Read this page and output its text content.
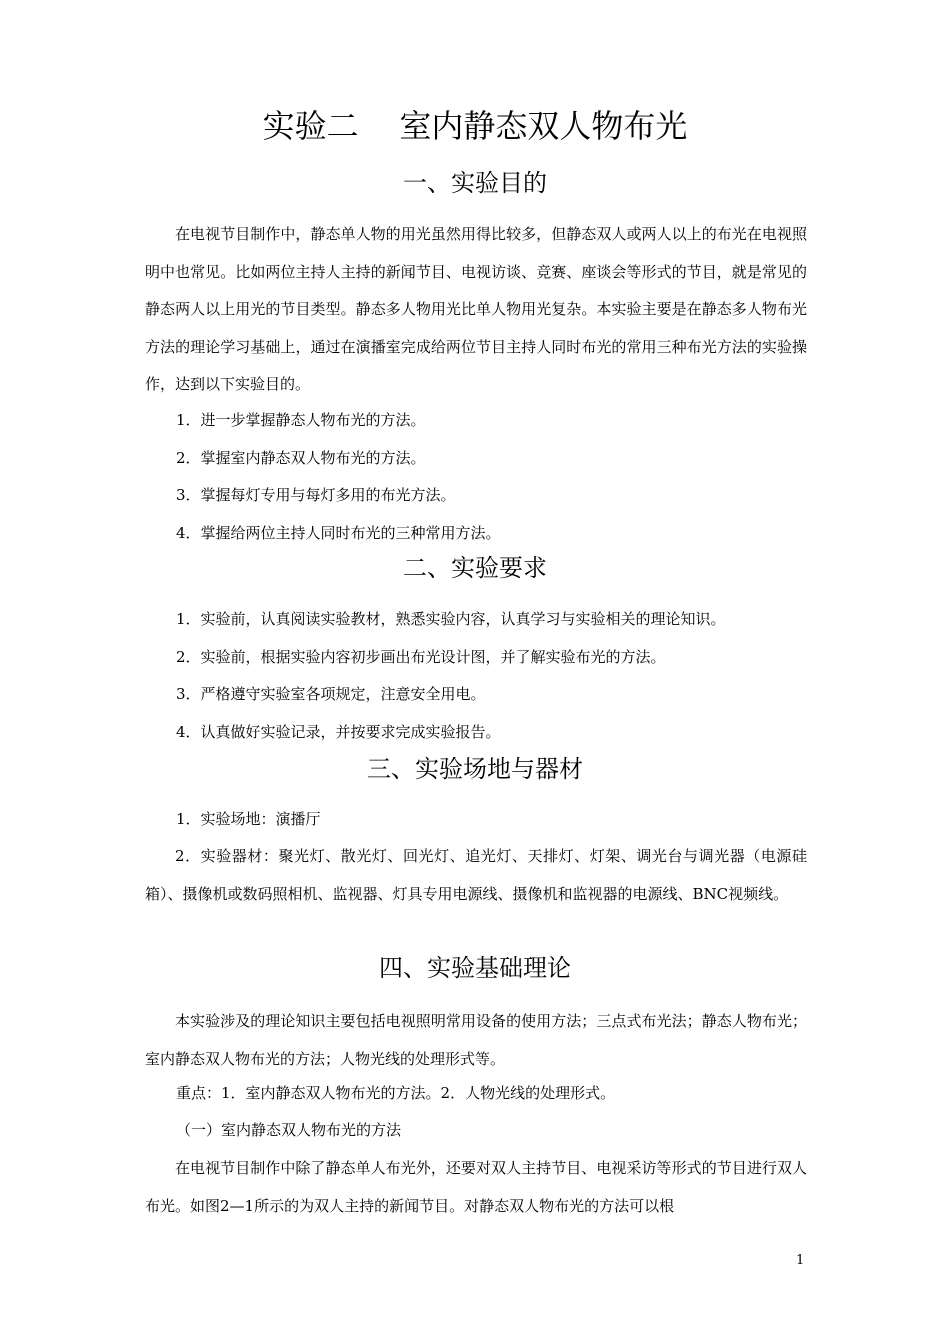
实验二    室内静态双人物布光
一、实验目的

在电视节目制作中，静态单人物的用光虽然用得比较多，但静态双人或两人以上的布光在电视照明中也常见。比如两位主持人主持的新闻节目、电视访谈、竞赛、座谈会等形式的节目，就是常见的静态两人以上用光的节目类型。静态多人物用光比单人物用光复杂。本实验主要是在静态多人物布光方法的理论学习基础上，通过在演播室完成给两位节目主持人同时布光的常用三种布光方法的实验操作，达到以下实验目的。

1．进一步掌握静态人物布光的方法。

2．掌握室内静态双人物布光的方法。

3．掌握每灯专用与每灯多用的布光方法。

4．掌握给两位主持人同时布光的三种常用方法。

二、实验要求

1．实验前，认真阅读实验教材，熟悉实验内容，认真学习与实验相关的理论知识。

2．实验前，根据实验内容初步画出布光设计图，并了解实验布光的方法。

3．严格遵守实验室各项规定，注意安全用电。

4．认真做好实验记录，并按要求完成实验报告。

三、实验场地与器材

1．实验场地：演播厅

2．实验器材：聚光灯、散光灯、回光灯、追光灯、天排灯、灯架、调光台与调光器（电源硅箱）、摄像机或数码照相机、监视器、灯具专用电源线、摄像机和监视器的电源线、BNC视频线。

四、实验基础理论

本实验涉及的理论知识主要包括电视照明常用设备的使用方法；三点式布光法；静态人物布光；室内静态双人物布光的方法；人物光线的处理形式等。

重点：1．室内静态双人物布光的方法。2．人物光线的处理形式。

（一）室内静态双人物布光的方法

在电视节目制作中除了静态单人布光外，还要对双人主持节目、电视采访等形式的节目进行双人布光。如图2—1所示的为双人主持的新闻节目。对静态双人物布光的方法可以根

1
